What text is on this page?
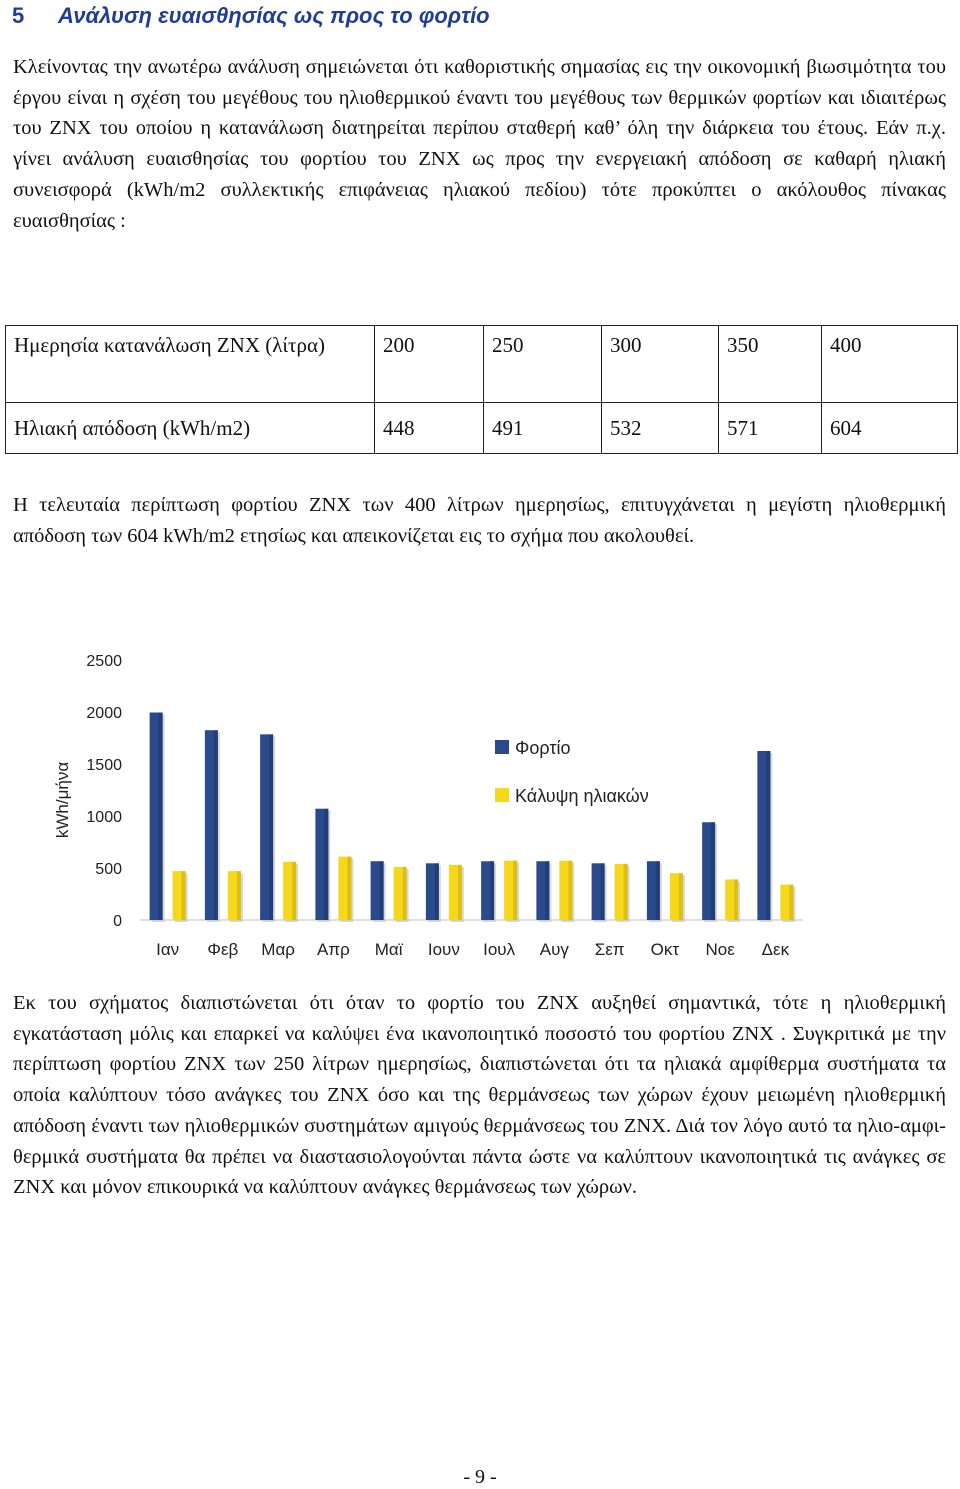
5 Ανάλυση ευαισθησίας ως προς το φορτίο

Κλείνοντας την ανωτέρω ανάλυση σημειώνεται ότι καθοριστικής σημασίας εις την οικονομική βιωσιμότητα του έργου είναι η σχέση του μεγέθους του ηλιοθερμικού έναντι του μεγέθους των θερμικών φορτίων και ιδιαιτέρως του ΖΝΧ του οποίου η κατανάλωση διατηρείται περίπου σταθερή καθ’ όλη την διάρκεια του έτους. Εάν π.χ. γίνει ανάλυση ευαισθησίας του φορτίου του ΖΝΧ ως προς την ενεργειακή απόδοση σε καθαρή ηλιακή συνεισφορά (kWh/m2 συλλεκτικής επιφάνειας ηλιακού πεδίου) τότε προκύπτει ο ακόλουθος πίνακας ευαισθησίας :

Ημερησία κατανάλωση ΖΝΧ (λίτρα)	200	250	300	350	400
Ηλιακή απόδοση (kWh/m2)	448	491	532	571	604

Η τελευταία περίπτωση φορτίου ΖΝΧ των 400 λίτρων ημερησίως, επιτυγχάνεται η μεγίστη ηλιοθερμική απόδοση των 604 kWh/m2 ετησίως και απεικονίζεται εις το σχήμα που ακολουθεί.

0
500
1000
1500
2000
2500
kWh/μήνα
Ιαν Φεβ Μαρ Απρ Μαϊ Ιουν Ιουλ Αυγ Σεπ Οκτ Νοε Δεκ
Φορτίο
Κάλυψη ηλιακών

Εκ του σχήματος διαπιστώνεται ότι όταν το φορτίο του ΖΝΧ αυξηθεί σημαντικά, τότε η ηλιοθερμική εγκατάσταση μόλις και επαρκεί να καλύψει ένα ικανοποιητικό ποσοστό του φορτίου ΖΝΧ . Συγκριτικά με την περίπτωση φορτίου ΖΝΧ των 250 λίτρων ημερησίως, διαπιστώνεται ότι τα ηλιακά αμφίθερμα συστήματα τα οποία καλύπτουν τόσο ανάγκες του ΖΝΧ όσο και της θερμάνσεως των χώρων έχουν μειωμένη ηλιοθερμική απόδοση έναντι των ηλιοθερμικών συστημάτων αμιγούς θερμάνσεως του ΖΝΧ. Διά τον λόγο αυτό τα ηλιο-αμφι-θερμικά συστήματα θα πρέπει να διαστασιολογούνται πάντα ώστε να καλύπτουν ικανοποιητικά τις ανάγκες σε ΖΝΧ και μόνον επικουρικά να καλύπτουν ανάγκες θερμάνσεως των χώρων.

- 9 -
